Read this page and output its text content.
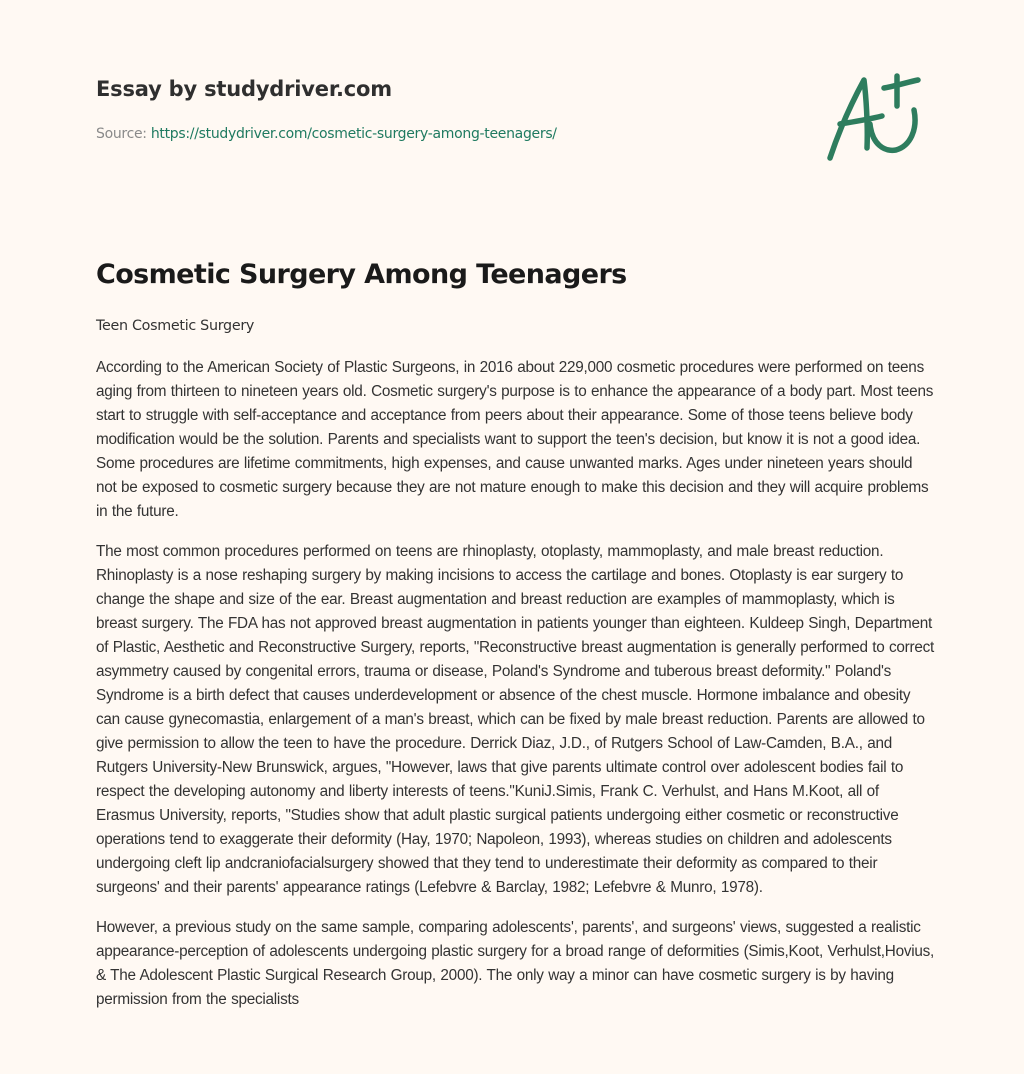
Essay by studydriver.com
Source: https://studydriver.com/cosmetic-surgery-among-teenagers/
Cosmetic Surgery Among Teenagers

Teen Cosmetic Surgery

According to the American Society of Plastic Surgeons, in 2016 about 229,000 cosmetic procedures were performed on teens aging from thirteen to nineteen years old. Cosmetic surgery's purpose is to enhance the appearance of a body part. Most teens start to struggle with self-acceptance and acceptance from peers about their appearance. Some of those teens believe body modification would be the solution. Parents and specialists want to support the teen's decision, but know it is not a good idea. Some procedures are lifetime commitments, high expenses, and cause unwanted marks. Ages under nineteen years should not be exposed to cosmetic surgery because they are not mature enough to make this decision and they will acquire problems in the future.

The most common procedures performed on teens are rhinoplasty, otoplasty, mammoplasty, and male breast reduction. Rhinoplasty is a nose reshaping surgery by making incisions to access the cartilage and bones. Otoplasty is ear surgery to change the shape and size of the ear. Breast augmentation and breast reduction are examples of mammoplasty, which is breast surgery. The FDA has not approved breast augmentation in patients younger than eighteen. Kuldeep Singh, Department of Plastic, Aesthetic and Reconstructive Surgery, reports, "Reconstructive breast augmentation is generally performed to correct asymmetry caused by congenital errors, trauma or disease, Poland's Syndrome and tuberous breast deformity." Poland's Syndrome is a birth defect that causes underdevelopment or absence of the chest muscle. Hormone imbalance and obesity can cause gynecomastia, enlargement of a man's breast, which can be fixed by male breast reduction. Parents are allowed to give permission to allow the teen to have the procedure. Derrick Diaz, J.D., of Rutgers School of Law-Camden, B.A., and Rutgers University-New Brunswick, argues, "However, laws that give parents ultimate control over adolescent bodies fail to respect the developing autonomy and liberty interests of teens."KuniJ.Simis, Frank C. Verhulst, and Hans M.Koot, all of Erasmus University, reports, "Studies show that adult plastic surgical patients undergoing either cosmetic or reconstructive operations tend to exaggerate their deformity (Hay, 1970; Napoleon, 1993), whereas studies on children and adolescents undergoing cleft lip andcraniofacialsurgery showed that they tend to underestimate their deformity as compared to their surgeons' and their parents' appearance ratings (Lefebvre & Barclay, 1982; Lefebvre & Munro, 1978).

However, a previous study on the same sample, comparing adolescents', parents', and surgeons' views, suggested a realistic appearance-perception of adolescents undergoing plastic surgery for a broad range of deformities (Simis,Koot, Verhulst,Hovius, & The Adolescent Plastic Surgical Research Group, 2000). The only way a minor can have cosmetic surgery is by having permission from the specialists
